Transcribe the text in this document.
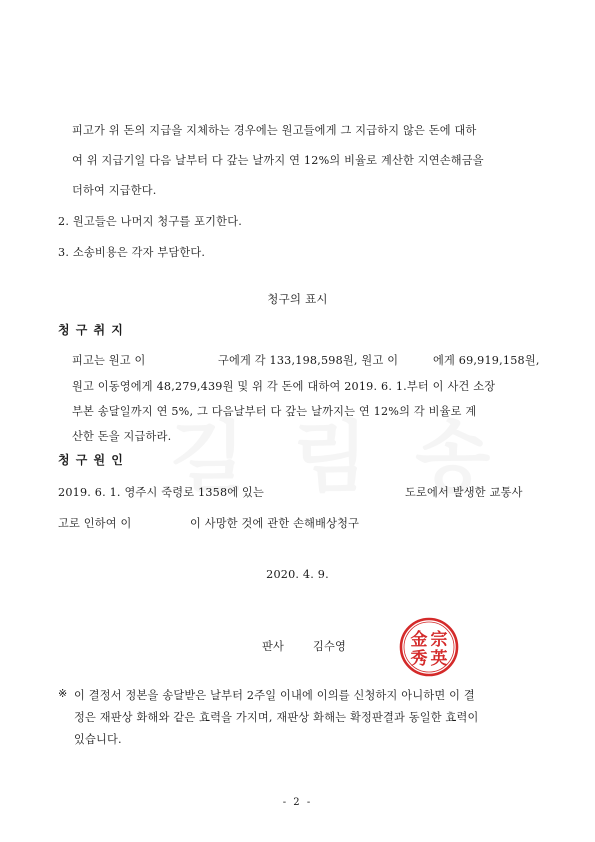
피고가 위 돈의 지급을 지체하는 경우에는 원고들에게 그 지급하지 않은 돈에 대하
여 위 지급기일 다음 날부터 다 갚는 날까지 연 12%의 비율로 계산한 지연손해금을
더하여 지급한다.
2. 원고들은 나머지 청구를 포기한다.
3. 소송비용은 각자 부담한다.
청구의 표시
청 구 취 지
피고는 원고 이	구에게 각 133,198,598원, 원고 이	에게 69,919,158원,
원고 이동영에게 48,279,439원 및 위 각 돈에 대하여 2019. 6. 1.부터 이 사건 소장
부본 송달일까지 연 5%, 그 다음날부터 다 갚는 날까지는 연 12%의 각 비율로 계
산한 돈을 지급하라.
청 구 원 인
2019. 6. 1. 영주시 죽령로 1358에 있는	도로에서 발생한 교통사
고로 인하여 이	이 사망한 것에 관한 손해배상청구
2020. 4. 9.
판사	김수영	宗
金
英
秀
※ 이 결정서 정본을 송달받은 날부터 2주일 이내에 이의를 신청하지 아니하면 이 결
정은 재판상 화해와 같은 효력을 가지며, 재판상 화해는 확정판결과 동일한 효력이
있습니다.
- 2 -
